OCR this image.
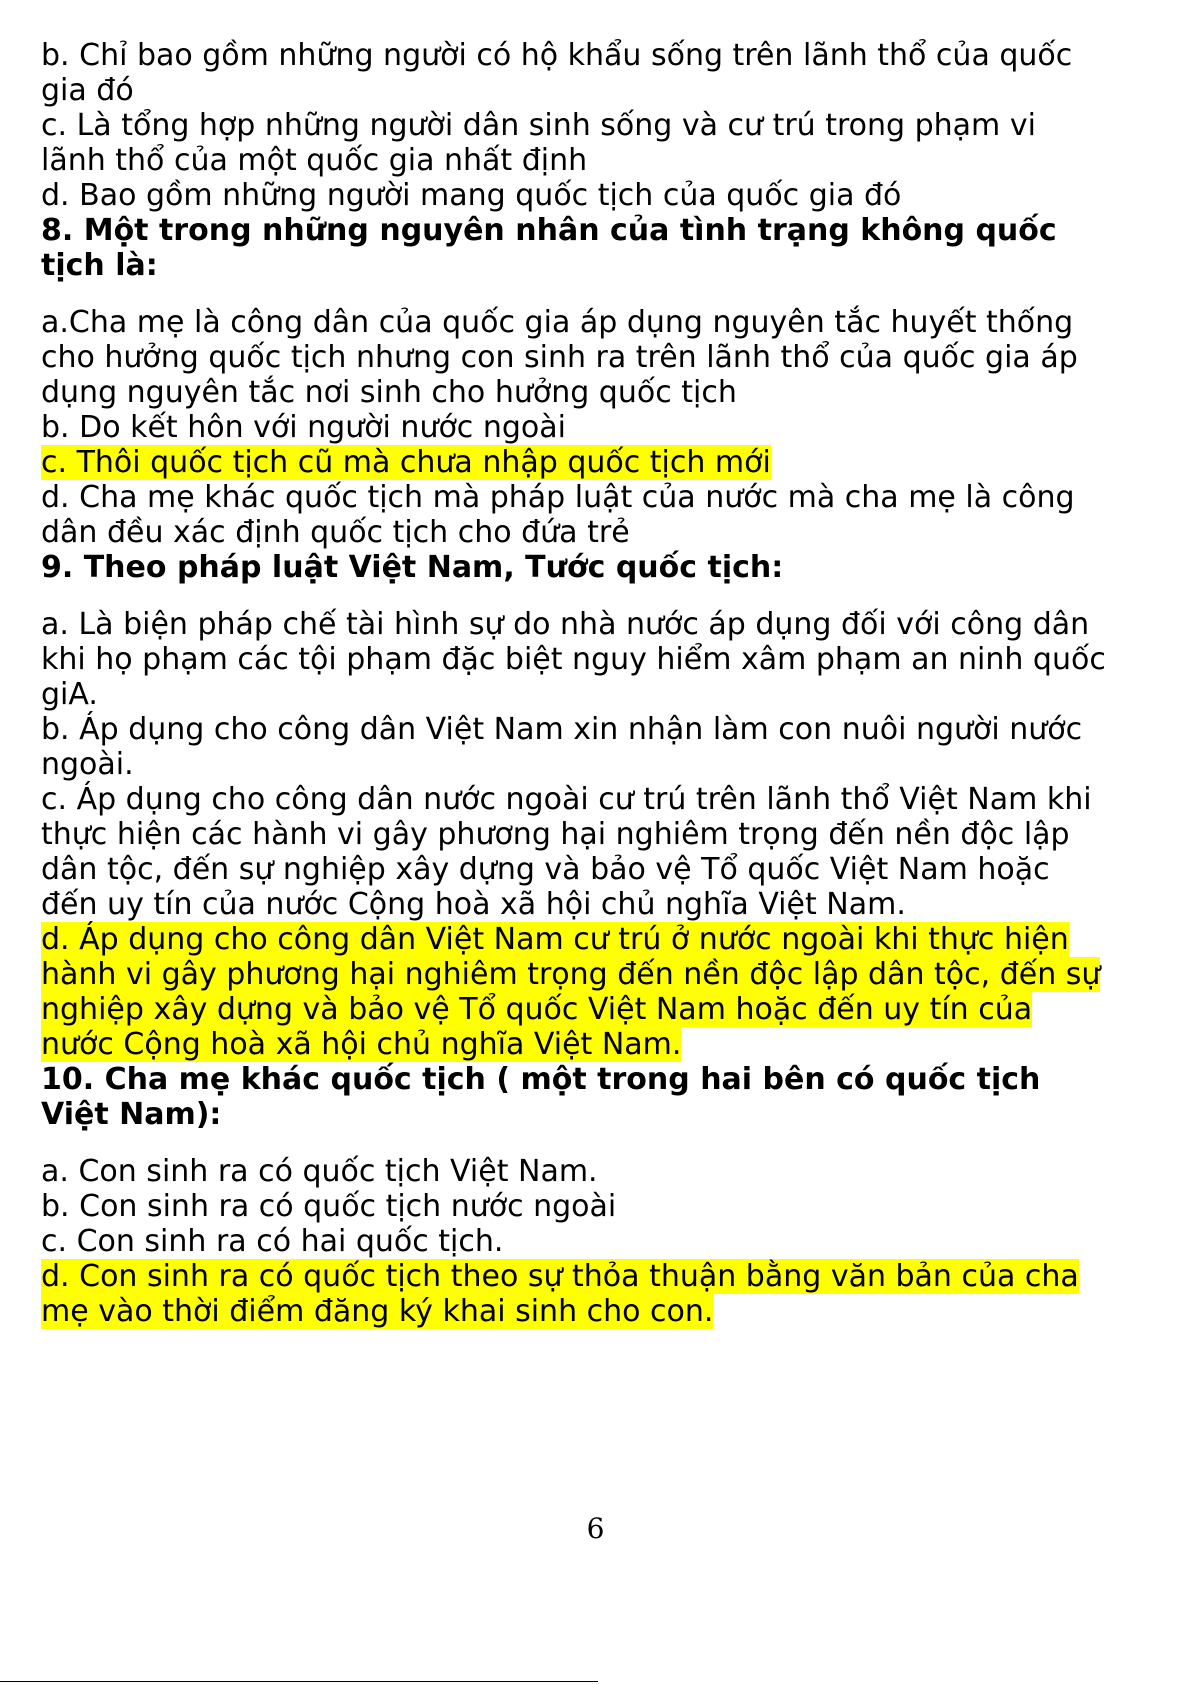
b. Chỉ bao gồm những người có hộ khẩu sống trên lãnh thổ của quốc
gia đó
c. Là tổng hợp những người dân sinh sống và cư trú trong phạm vi
lãnh thổ của một quốc gia nhất định
d. Bao gồm những người mang quốc tịch của quốc gia đó
8. Một trong những nguyên nhân của tình trạng không quốc
tịch là:
a.Cha mẹ là công dân của quốc gia áp dụng nguyên tắc huyết thống
cho hưởng quốc tịch nhưng con sinh ra trên lãnh thổ của quốc gia áp
dụng nguyên tắc nơi sinh cho hưởng quốc tịch
b. Do kết hôn với người nước ngoài
c. Thôi quốc tịch cũ mà chưa nhập quốc tịch mới
d. Cha mẹ khác quốc tịch mà pháp luật của nước mà cha mẹ là công
dân đều xác định quốc tịch cho đứa trẻ
9. Theo pháp luật Việt Nam, Tước quốc tịch:
a. Là biện pháp chế tài hình sự do nhà nước áp dụng đối với công dân
khi họ phạm các tội phạm đặc biệt nguy hiểm xâm phạm an ninh quốc
giA.
b. Áp dụng cho công dân Việt Nam xin nhận làm con nuôi người nước
ngoài.
c. Áp dụng cho công dân nước ngoài cư trú trên lãnh thổ Việt Nam khi
thực hiện các hành vi gây phương hại nghiêm trọng đến nền độc lập
dân tộc, đến sự nghiệp xây dựng và bảo vệ Tổ quốc Việt Nam hoặc
đến uy tín của nước Cộng hoà xã hội chủ nghĩa Việt Nam.
d. Áp dụng cho công dân Việt Nam cư trú ở nước ngoài khi thực hiện
hành vi gây phương hại nghiêm trọng đến nền độc lập dân tộc, đến sự
nghiệp xây dựng và bảo vệ Tổ quốc Việt Nam hoặc đến uy tín của
nước Cộng hoà xã hội chủ nghĩa Việt Nam.
10. Cha mẹ khác quốc tịch ( một trong hai bên có quốc tịch
Việt Nam):
a. Con sinh ra có quốc tịch Việt Nam.
b. Con sinh ra có quốc tịch nước ngoài
c. Con sinh ra có hai quốc tịch.
d. Con sinh ra có quốc tịch theo sự thỏa thuận bằng văn bản của cha
mẹ vào thời điểm đăng ký khai sinh cho con.
6
